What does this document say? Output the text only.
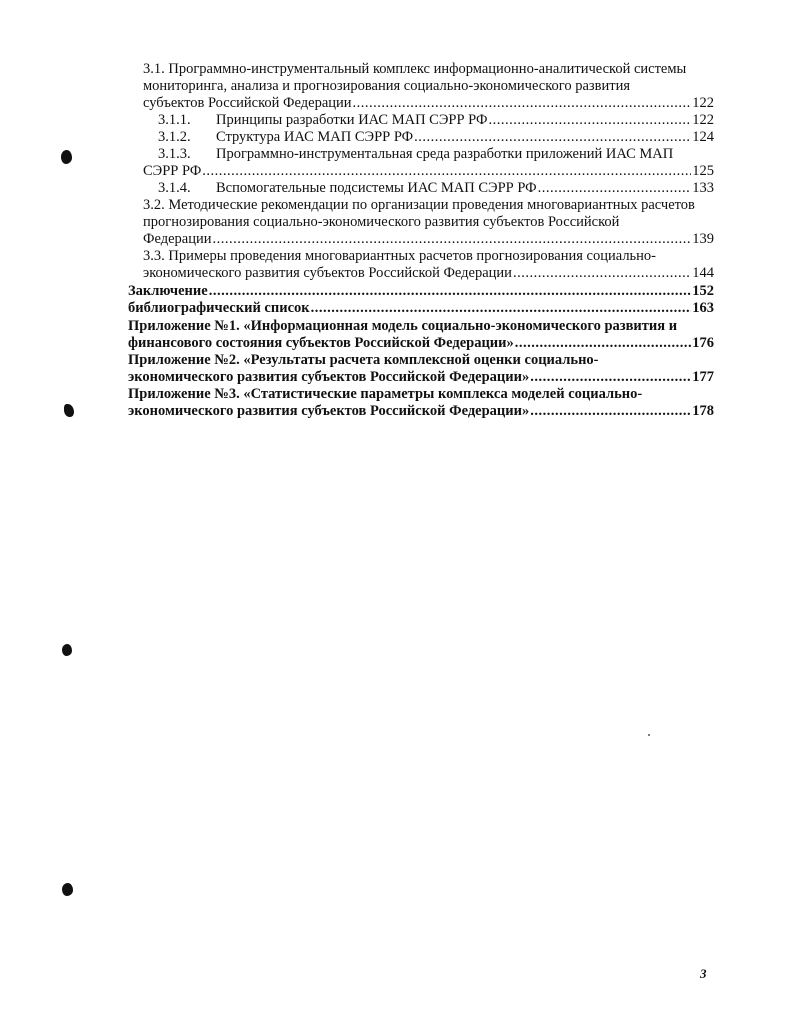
3.1. Программно-инструментальный комплекс информационно-аналитической системы
мониторинга, анализа и прогнозирования социально-экономического развития
субъектов Российской Федерации .....	122
3.1.1. Принципы разработки ИАС МАП СЭРР РФ .....	122
3.1.2. Структура ИАС МАП СЭРР РФ .....	124
3.1.3. Программно-инструментальная среда разработки приложений ИАС МАП
СЭРР РФ .....	125
3.1.4. Вспомогательные подсистемы ИАС МАП СЭРР РФ .....	133
3.2. Методические рекомендации по организации проведения многовариантных расчетов
прогнозирования социально-экономического развития субъектов Российской
Федерации .....	139
3.3. Примеры проведения многовариантных расчетов прогнозирования социально-
экономического развития субъектов Российской Федерации .....	144
Заключение .....	152
библиографический список .....	163
Приложение №1. «Информационная модель социально-экономического развития и
финансового состояния субъектов Российской Федерации» .....	176
Приложение №2. «Результаты расчета комплексной оценки социально-
экономического развития субъектов Российской Федерации» .....	177
Приложение №3. «Статистические параметры комплекса моделей социально-
экономического развития субъектов Российской Федерации» .....	178
3
